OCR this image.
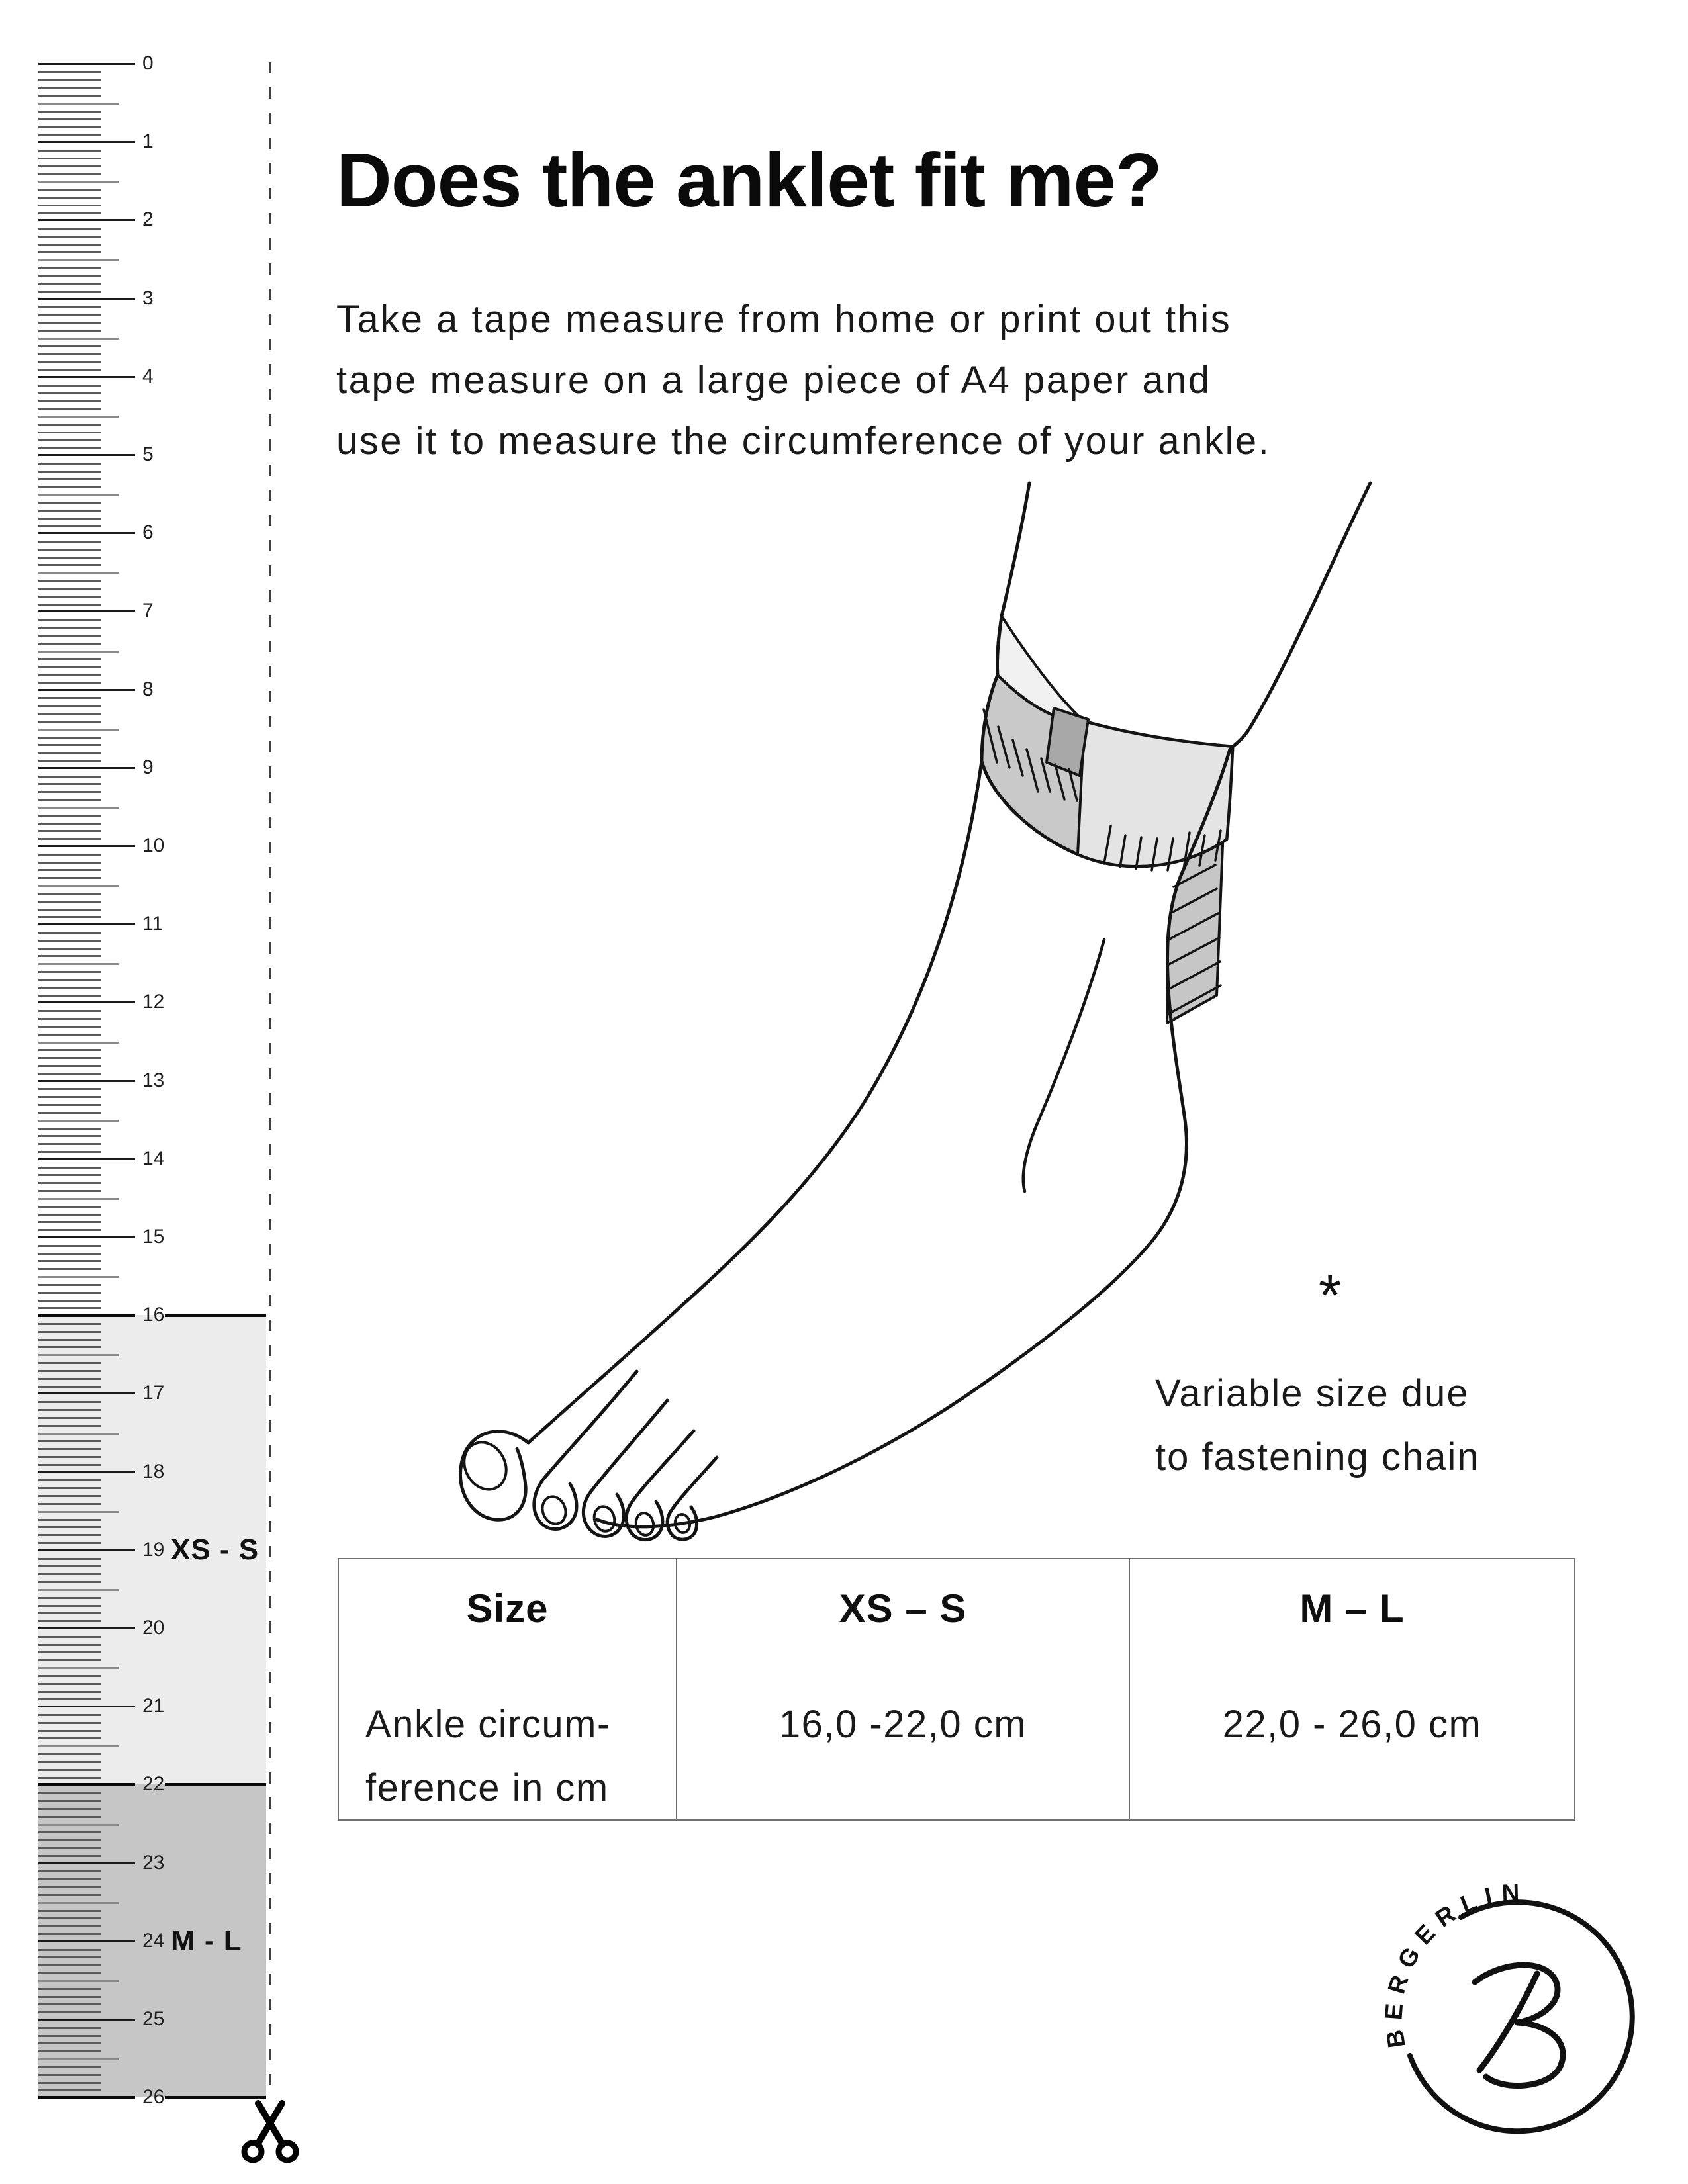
XS - S
M - L
0
1
2
3
4
5
6
7
8
9
10
11
12
13
14
15
16
17
18
19
20
21
22
23
24
25
26
BERGERLIN
Does the anklet fit me?
Take a tape measure from home or print out this
tape measure on a large piece of A4 paper and
use it to measure the circumference of your ankle.
*
Variable size due
to fastening chain
Size	XS – S	M – L
Ankle circum-
ference in cm
16,0 -22,0 cm	22,0 - 26,0 cm
